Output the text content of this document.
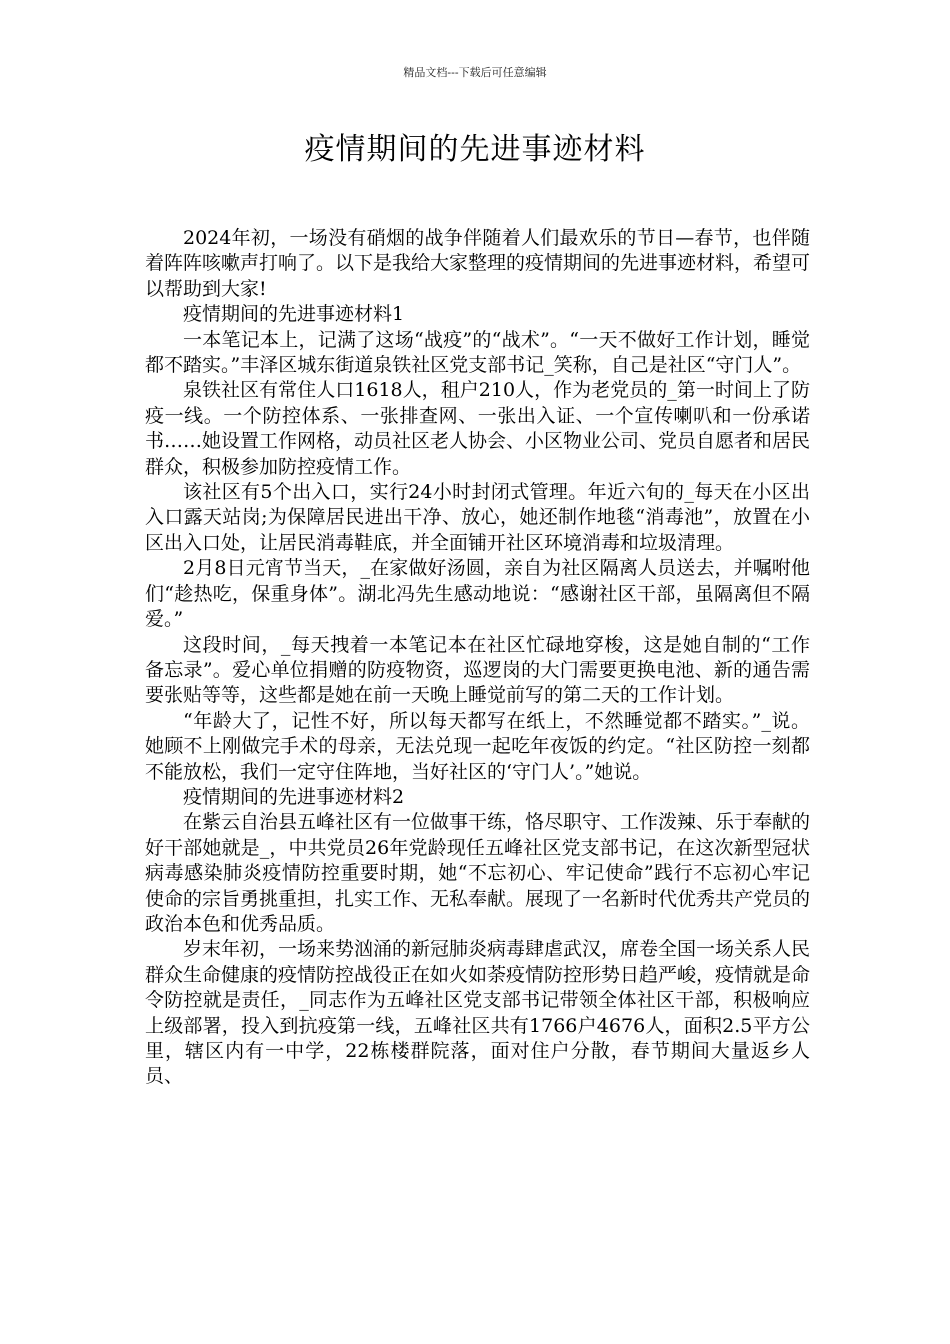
精品文档---下载后可任意编辑
疫情期间的先进事迹材料

2024年初，一场没有硝烟的战争伴随着人们最欢乐的节日—春节，也伴随着阵阵咳嗽声打响了。以下是我给大家整理的疫情期间的先进事迹材料，希望可以帮助到大家!

疫情期间的先进事迹材料1

一本笔记本上，记满了这场“战疫”的“战术”。“一天不做好工作计划，睡觉都不踏实。”丰泽区城东街道泉铁社区党支部书记_笑称，自己是社区“守门人”。

泉铁社区有常住人口1618人，租户210人，作为老党员的_第一时间上了防疫一线。一个防控体系、一张排查网、一张出入证、一个宣传喇叭和一份承诺书……她设置工作网格，动员社区老人协会、小区物业公司、党员自愿者和居民群众，积极参加防控疫情工作。

该社区有5个出入口，实行24小时封闭式管理。年近六旬的_每天在小区出入口露天站岗;为保障居民进出干净、放心，她还制作地毯“消毒池”，放置在小区出入口处，让居民消毒鞋底，并全面铺开社区环境消毒和垃圾清理。

2月8日元宵节当天，_在家做好汤圆，亲自为社区隔离人员送去，并嘱咐他们“趁热吃，保重身体”。湖北冯先生感动地说：“感谢社区干部，虽隔离但不隔爱。”

这段时间，_每天拽着一本笔记本在社区忙碌地穿梭，这是她自制的“工作备忘录”。爱心单位捐赠的防疫物资，巡逻岗的大门需要更换电池、新的通告需要张贴等等，这些都是她在前一天晚上睡觉前写的第二天的工作计划。

“年龄大了，记性不好，所以每天都写在纸上，不然睡觉都不踏实。”_说。她顾不上刚做完手术的母亲，无法兑现一起吃年夜饭的约定。“社区防控一刻都不能放松，我们一定守住阵地，当好社区的‘守门人’。”她说。

疫情期间的先进事迹材料2

在紫云自治县五峰社区有一位做事干练，恪尽职守、工作泼辣、乐于奉献的好干部她就是_，中共党员26年党龄现任五峰社区党支部书记，在这次新型冠状病毒感染肺炎疫情防控重要时期，她“不忘初心、牢记使命”践行不忘初心牢记使命的宗旨勇挑重担，扎实工作、无私奉献。展现了一名新时代优秀共产党员的政治本色和优秀品质。

岁末年初，一场来势汹涌的新冠肺炎病毒肆虐武汉，席卷全国一场关系人民群众生命健康的疫情防控战役正在如火如荼疫情防控形势日趋严峻，疫情就是命令防控就是责任，_同志作为五峰社区党支部书记带领全体社区干部，积极响应上级部署，投入到抗疫第一线，五峰社区共有1766户4676人，面积2.5平方公里，辖区内有一中学，22栋楼群院落，面对住户分散，春节期间大量返乡人员、
